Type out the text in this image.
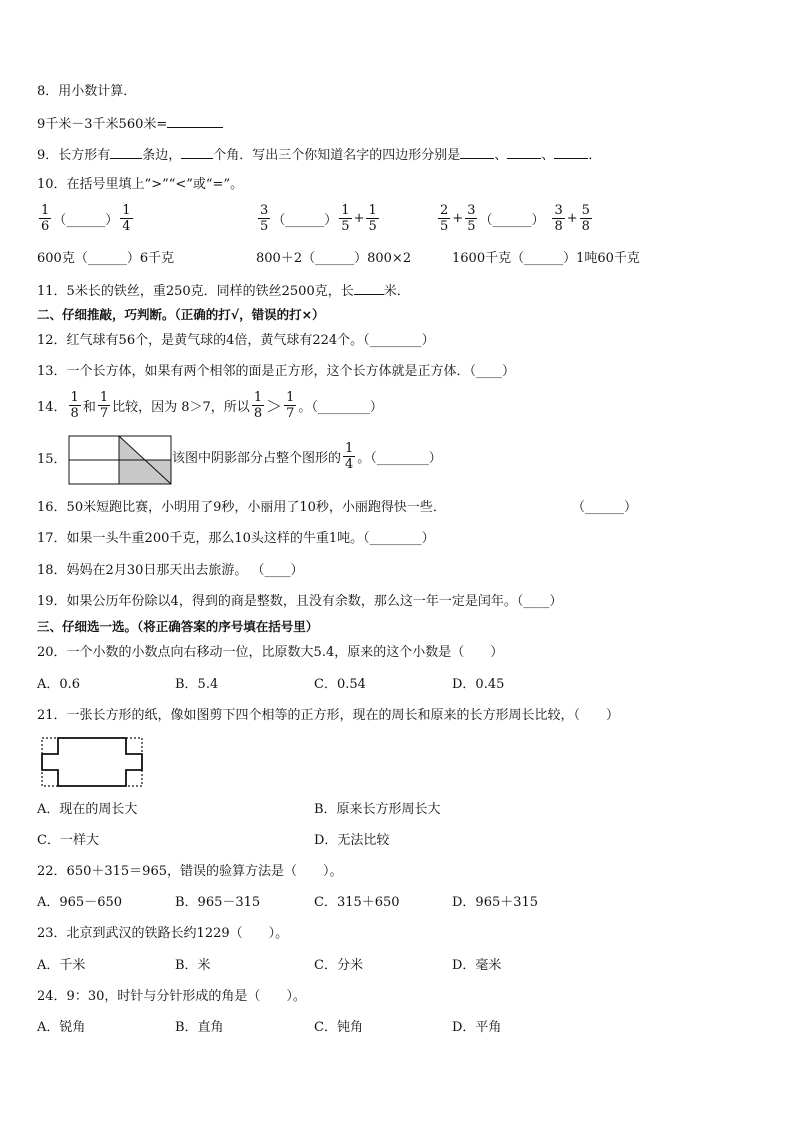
8．用小数计算．
9千米－3千米560米=
9．长方形有 条边， 个角．写出三个你知道名字的四边形分别是	、	、	．
10．在括号里填上“>”“<”或“=”。
$\frac{1}{6}$ （______） $\frac{1}{4}$	$\frac{3}{5}$ （______） $\frac{1}{5} + \frac{1}{5}$	$\frac{2}{5} + \frac{3}{5}$ （______） $\frac{3}{8} + \frac{5}{8}$
600克（______）6千克	800＋2（______）800×2	1600千克（______）1吨60千克
11．5米长的铁丝，重250克．同样的铁丝2500克，长 米．
二、仔细推敲，巧判断。（正确的打√，错误的打×）
12．红气球有56个，是黄气球的4倍，黄气球有224个。（________）
13．一个长方体，如果有两个相邻的面是正方形，这个长方体就是正方体．（____）
14． $\frac{1}{8}$ 和 $\frac{1}{7}$ 比较，因为 8＞7，所以 $\frac{1}{8} > \frac{1}{7}$ 。（________）
15．	该图中阴影部分占整个图形的 $\frac{1}{4}$ 。（________）
16．50米短跑比赛，小明用了9秒，小丽用了10秒，小丽跑得快一些．	（______）
17．如果一头牛重200千克，那么10头这样的牛重1吨。（________）
18．妈妈在2月30日那天出去旅游。 （____）
19．如果公历年份除以4，得到的商是整数，且没有余数，那么这一年一定是闰年。（____）
三、仔细选一选。（将正确答案的序号填在括号里）
20．一个小数的小数点向右移动一位，比原数大5.4，原来的这个小数是（　　）
A．0.6	B．5.4	C．0.54	D．0.45
21．一张长方形的纸，像如图剪下四个相等的正方形，现在的周长和原来的长方形周长比较，（　　）
A．现在的周长大	B．原来长方形周长大
C．一样大	D．无法比较
22．650＋315＝965，错误的验算方法是（　　）。
A．965－650	B．965－315	C．315＋650	D．965＋315
23．北京到武汉的铁路长约1229（　　）。
A．千米	B．米	C．分米	D．毫米
24．9：30，时针与分针形成的角是（　　）。
A．锐角	B．直角	C．钝角	D．平角
